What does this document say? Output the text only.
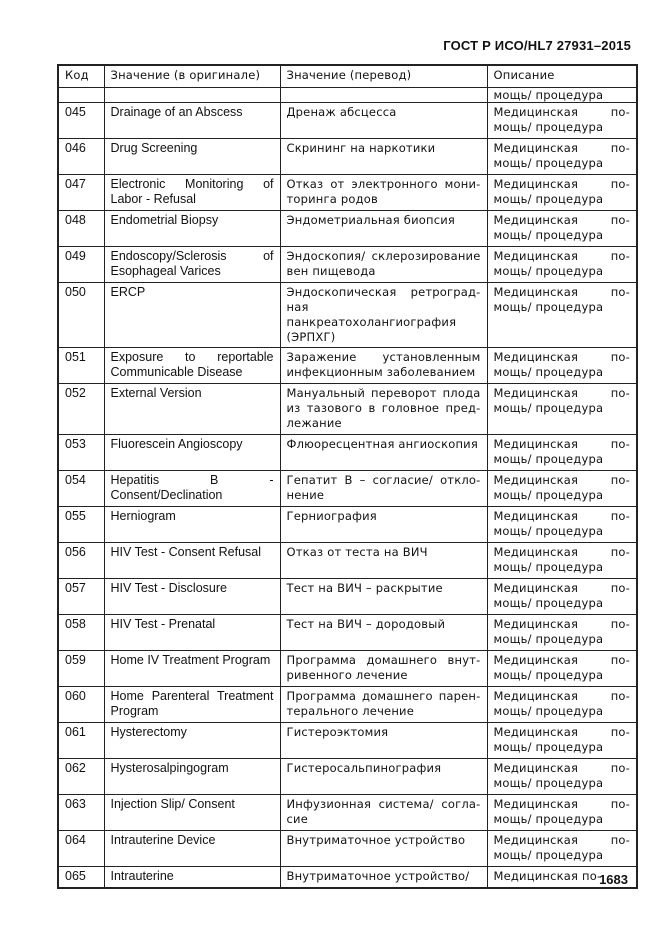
ГОСТ Р ИСО/HL7 27931–2015
Код	Значение (в оригинале)	Значение (перевод)	Описание
			мощь/ процедура
045	Drainage of an Abscess	Дренаж абсцесса	Медицинская по-мощь/ процедура
046	Drug Screening	Скрининг на наркотики	Медицинская по-мощь/ процедура
047	Electronic Monitoring of Labor - Refusal	Отказ от электронного мони-торинга родов	Медицинская по-мощь/ процедура
048	Endometrial Biopsy	Эндометриальная биопсия	Медицинская по-мощь/ процедура
049	Endoscopy/Sclerosis of Esophageal Varices	Эндоскопия/ склерозирование вен пищевода	Медицинская по-мощь/ процедура
050	ERCP	Эндоскопическая ретроград-ная панкреатохолангиография (ЭРПХГ)	Медицинская по-мощь/ процедура
051	Exposure to reportable Communicable Disease	Заражение установленным инфекционным заболеванием	Медицинская по-мощь/ процедура
052	External Version	Мануальный переворот плода из тазового в головное пред-лежание	Медицинская по-мощь/ процедура
053	Fluorescein Angioscopy	Флюоресцентная ангиоскопия	Медицинская по-мощь/ процедура
054	Hepatitis B - Consent/Declination	Гепатит В – согласие/ откло-нение	Медицинская по-мощь/ процедура
055	Herniogram	Герниография	Медицинская по-мощь/ процедура
056	HIV Test - Consent Refusal	Отказ от теста на ВИЧ	Медицинская по-мощь/ процедура
057	HIV Test - Disclosure	Тест на ВИЧ – раскрытие	Медицинская по-мощь/ процедура
058	HIV Test - Prenatal	Тест на ВИЧ – дородовый	Медицинская по-мощь/ процедура
059	Home IV Treatment Program	Программа домашнего внут-ривенного лечение	Медицинская по-мощь/ процедура
060	Home Parenteral Treatment Program	Программа домашнего парен-терального лечение	Медицинская по-мощь/ процедура
061	Hysterectomy	Гистероэктомия	Медицинская по-мощь/ процедура
062	Hysterosalpingogram	Гистеросальпинография	Медицинская по-мощь/ процедура
063	Injection Slip/ Consent	Инфузионная система/ согла-сие	Медицинская по-мощь/ процедура
064	Intrauterine Device	Внутриматочное устройство	Медицинская по-мощь/ процедура
065	Intrauterine	Внутриматочное устройство/	Медицинская по-
1683
